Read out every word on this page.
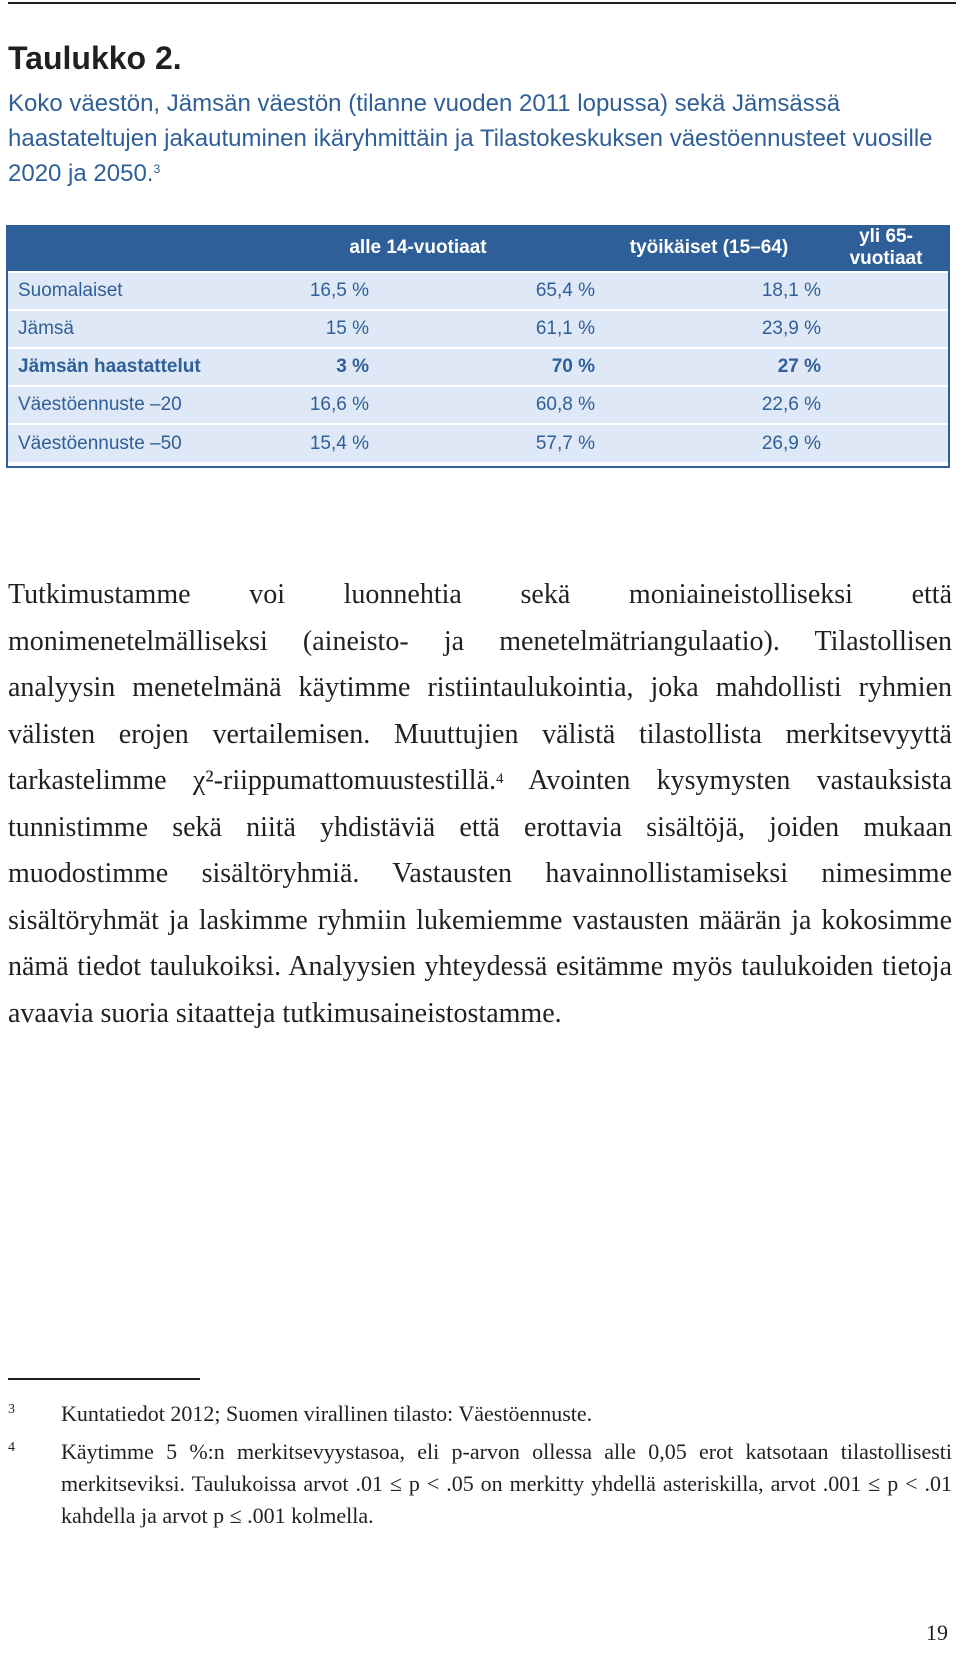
Taulukko 2.

Koko väestön, Jämsän väestön (tilanne vuoden 2011 lopussa) sekä Jämsässä haastateltujen jakautuminen ikäryhmittäin ja Tilastokeskuksen väestöennusteet vuosille 2020 ja 2050.$^3$

	alle 14-vuotiaat		työikäiset (15–64)	yli 65-vuotiaat
Suomalaiset	16,5 %	65,4 %	18,1 %	
Jämsä	15 %	61,1 %	23,9 %	
Jämsän haastattelut	3 %	70 %	27 %	
Väestöennuste –20	16,6 %	60,8 %	22,6 %	
Väestöennuste –50	15,4 %	57,7 %	26,9 %	

Tutkimustamme voi luonnehtia sekä moniaineistolliseksi että monimenetelmälliseksi (aineisto- ja menetelmätriangulaatio). Tilastollisen analyysin menetelmänä käytimme ristiintaulukointia, joka mahdollisti ryhmien välisten erojen vertailemisen. Muuttujien välistä tilastollista merkitsevyyttä tarkastelimme χ²-riippumattomuustestillä.$^4$ Avointen kysymysten vastauksista tunnistimme sekä niitä yhdistäviä että erottavia sisältöjä, joiden mukaan muodostimme sisältöryhmiä. Vastausten havainnollistamiseksi nimesimme sisältöryhmät ja laskimme ryhmiin lukemiemme vastausten määrän ja kokosimme nämä tiedot taulukoiksi. Analyysien yhteydessä esitämme myös taulukoiden tietoja avaavia suoria sitaatteja tutkimusaineistostamme.

3 Kuntatiedot 2012; Suomen virallinen tilasto: Väestöennuste.
4 Käytimme 5 %:n merkitsevyystasoa, eli p-arvon ollessa alle 0,05 erot katsotaan tilastollisesti merkitseviksi. Taulukoissa arvot .01 ≤ p < .05 on merkitty yhdellä asteriskilla, arvot .001 ≤ p < .01 kahdella ja arvot p ≤ .001 kolmella.
19
